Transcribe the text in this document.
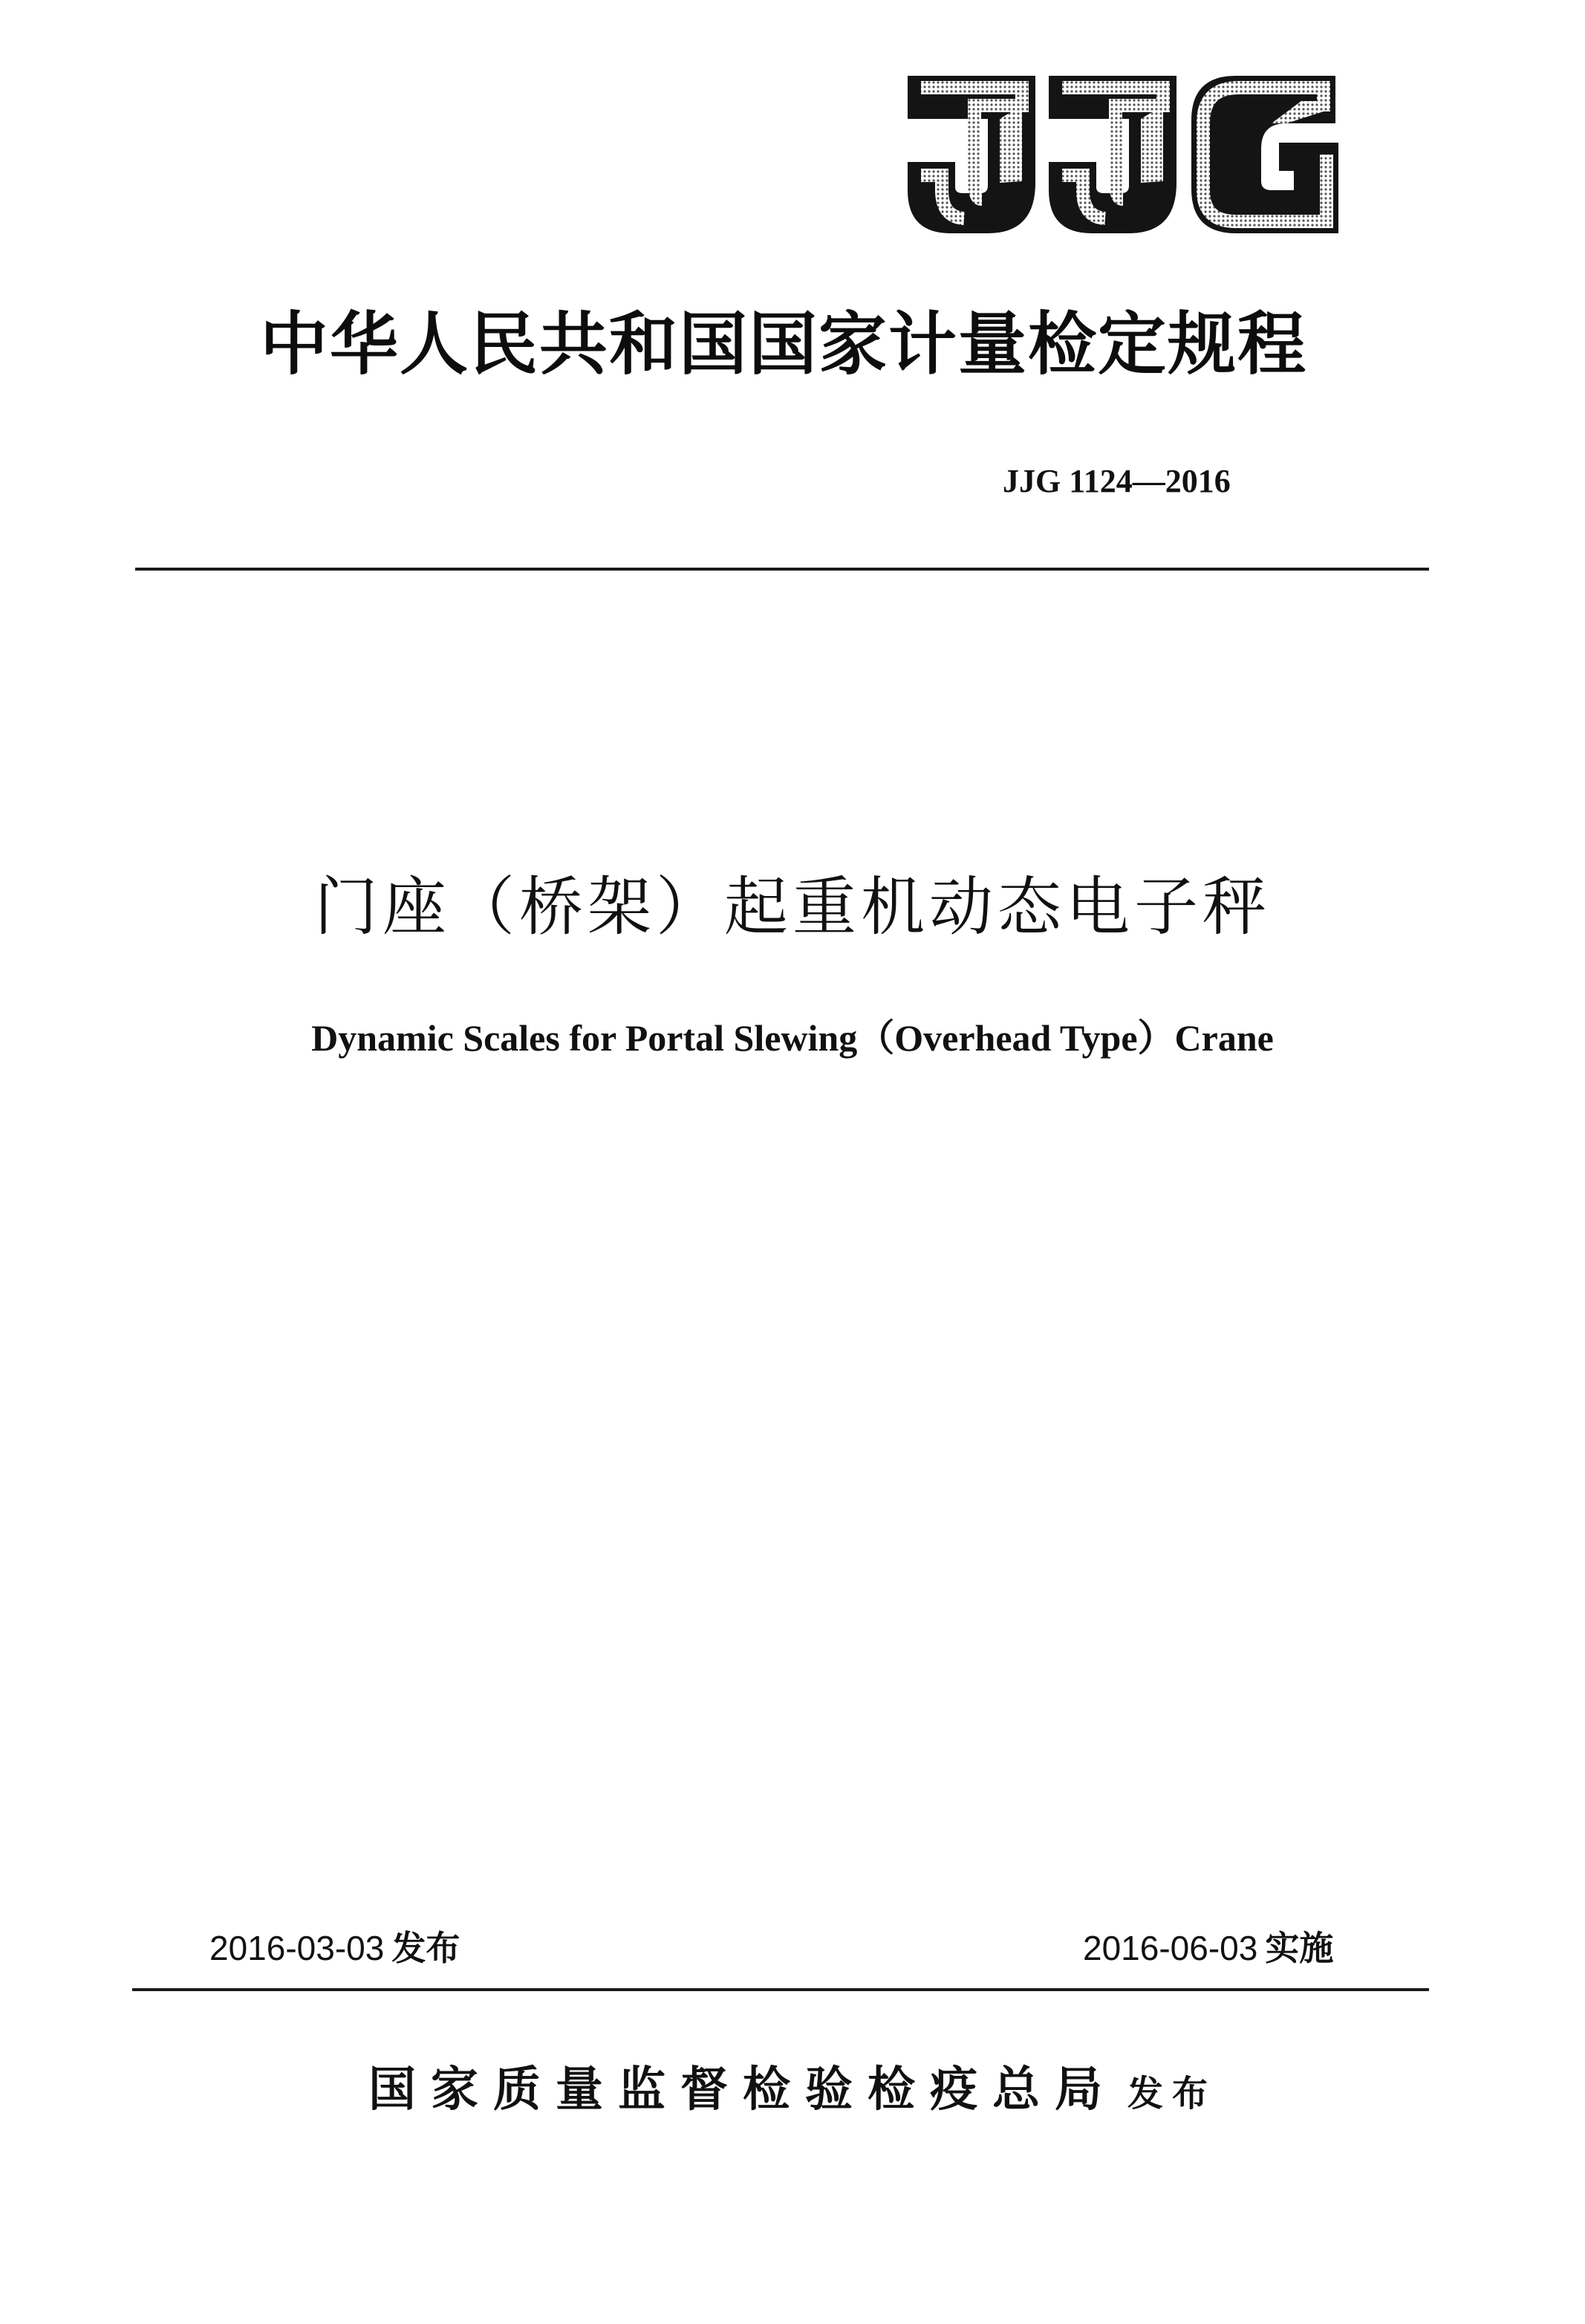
中华人民共和国国家计量检定规程
JJG 1124—2016
门座（桥架）起重机动态电子秤
Dynamic Scales for Portal Slewing（Overhead Type）Crane
2016-03-03 发布	2016-06-03 实施
国家质量监督检验检疫总局 发布
